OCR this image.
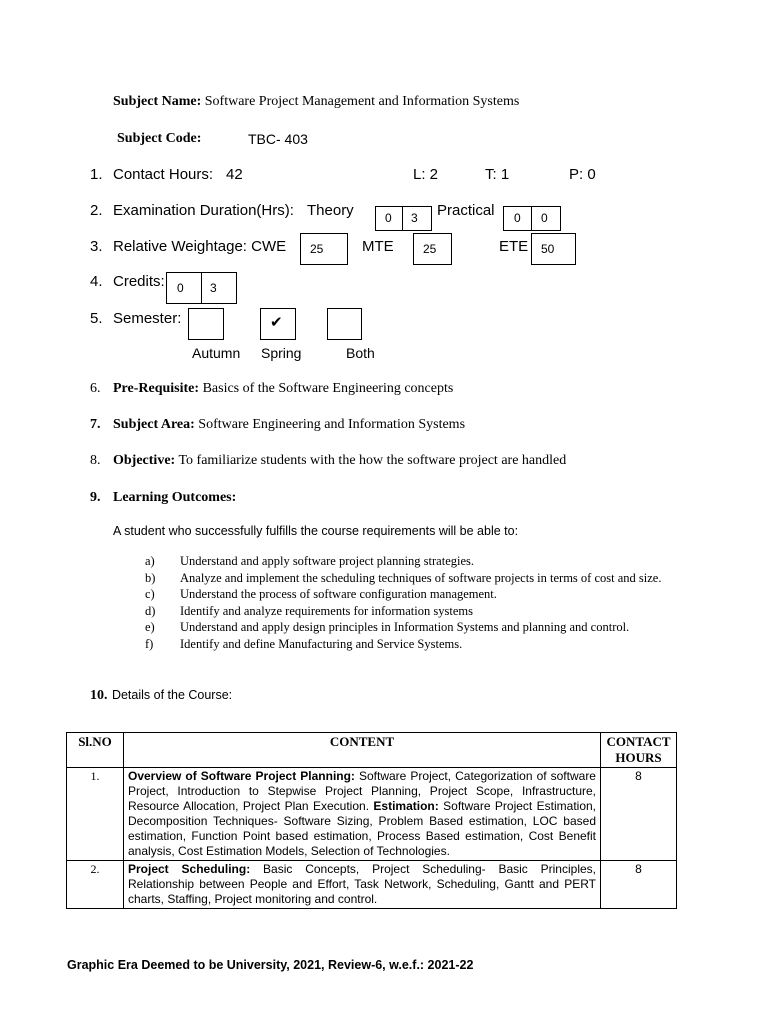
Subject Name: Software Project Management and Information Systems
Subject Code:	TBC- 403
1. Contact Hours: 42	L: 2	T: 1	P: 0
2. Examination Duration(Hrs): Theory	0 3 Practical 0 0
3. Relative Weightage: CWE 25	MTE 25	ETE 50
4. Credits: 0 3
5. Semester:	✔
Autumn Spring	Both
6. Pre-Requisite: Basics of the Software Engineering concepts
7. Subject Area: Software Engineering and Information Systems
8. Objective: To familiarize students with the how the software project are handled
9. Learning Outcomes:
A student who successfully fulfills the course requirements will be able to:
a) Understand and apply software project planning strategies.
b) Analyze and implement the scheduling techniques of software projects in terms of cost and size.
c) Understand the process of software configuration management.
d) Identify and analyze requirements for information systems
e) Understand and apply design principles in Information Systems and planning and control.
f) Identify and define Manufacturing and Service Systems.
10. Details of the Course:
Sl.NO	CONTENT	CONTACT
HOURS

1.	Overview of Software Project Planning: Software Project, Categorization of software Project, Introduction to Stepwise Project Planning, Project Scope, Infrastructure, Resource Allocation, Project Plan Execution. Estimation: Software Project Estimation, Decomposition Techniques- Software Sizing, Problem Based estimation, LOC based estimation, Function Point based estimation, Process Based estimation, Cost Benefit analysis, Cost Estimation Models, Selection of Technologies.	8
2.	Project Scheduling: Basic Concepts, Project Scheduling- Basic Principles, Relationship between People and Effort, Task Network, Scheduling, Gantt and PERT charts, Staffing, Project monitoring and control.	8
Graphic Era Deemed to be University, 2021, Review-6, w.e.f.: 2021-22
